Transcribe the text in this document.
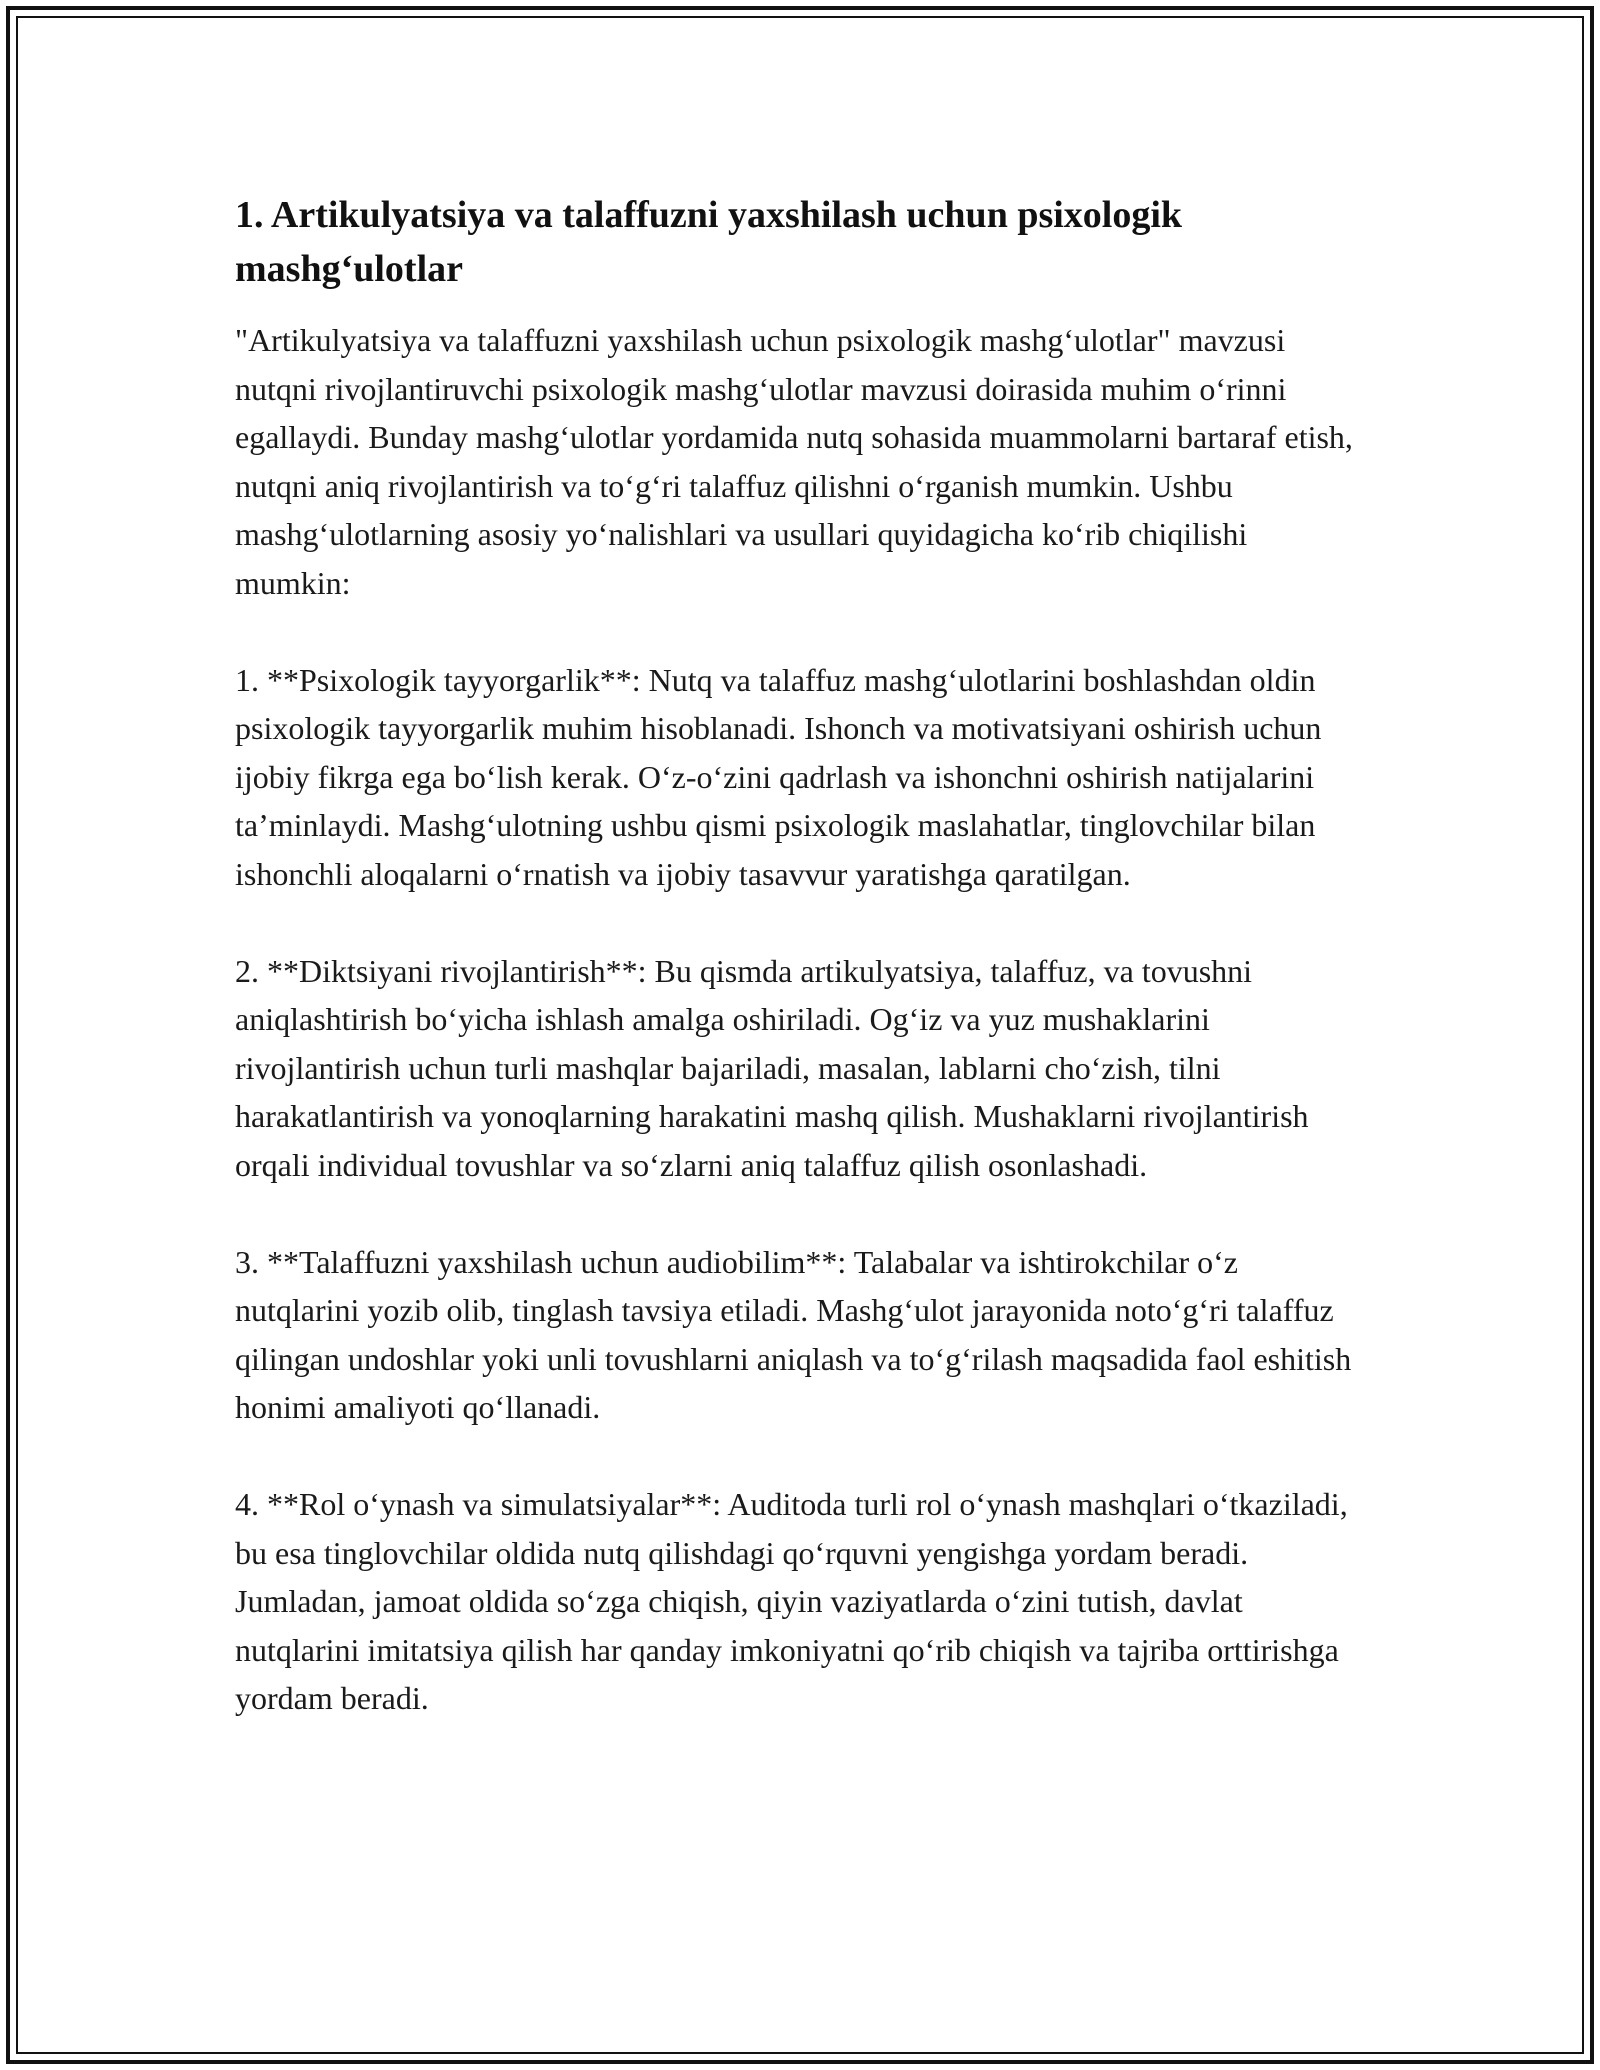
1. Artikulyatsiya va talaffuzni yaxshilash uchun psixologik mashg‘ulotlar

"Artikulyatsiya va talaffuzni yaxshilash uchun psixologik mashg‘ulotlar" mavzusi nutqni rivojlantiruvchi psixologik mashg‘ulotlar mavzusi doirasida muhim o‘rinni egallaydi. Bunday mashg‘ulotlar yordamida nutq sohasida muammolarni bartaraf etish, nutqni aniq rivojlantirish va to‘g‘ri talaffuz qilishni o‘rganish mumkin. Ushbu mashg‘ulotlarning asosiy yo‘nalishlari va usullari quyidagicha ko‘rib chiqilishi mumkin:

1. **Psixologik tayyorgarlik**: Nutq va talaffuz mashg‘ulotlarini boshlashdan oldin psixologik tayyorgarlik muhim hisoblanadi. Ishonch va motivatsiyani oshirish uchun ijobiy fikrga ega bo‘lish kerak. O‘z-o‘zini qadrlash va ishonchni oshirish natijalarini ta’minlaydi. Mashg‘ulotning ushbu qismi psixologik maslahatlar, tinglovchilar bilan ishonchli aloqalarni o‘rnatish va ijobiy tasavvur yaratishga qaratilgan.

2. **Diktsiyani rivojlantirish**: Bu qismda artikulyatsiya, talaffuz, va tovushni aniqlashtirish bo‘yicha ishlash amalga oshiriladi. Og‘iz va yuz mushaklarini rivojlantirish uchun turli mashqlar bajariladi, masalan, lablarni cho‘zish, tilni harakatlantirish va yonoqlarning harakatini mashq qilish. Mushaklarni rivojlantirish orqali individual tovushlar va so‘zlarni aniq talaffuz qilish osonlashadi.

3. **Talaffuzni yaxshilash uchun audiobilim**: Talabalar va ishtirokchilar o‘z nutqlarini yozib olib, tinglash tavsiya etiladi. Mashg‘ulot jarayonida noto‘g‘ri talaffuz qilingan undoshlar yoki unli tovushlarni aniqlash va to‘g‘rilash maqsadida faol eshitish honimi amaliyoti qo‘llanadi.

4. **Rol o‘ynash va simulatsiyalar**: Auditoda turli rol o‘ynash mashqlari o‘tkaziladi, bu esa tinglovchilar oldida nutq qilishdagi qo‘rquvni yengishga yordam beradi. Jumladan, jamoat oldida so‘zga chiqish, qiyin vaziyatlarda o‘zini tutish, davlat nutqlarini imitatsiya qilish har qanday imkoniyatni qo‘rib chiqish va tajriba orttirishga yordam beradi.
